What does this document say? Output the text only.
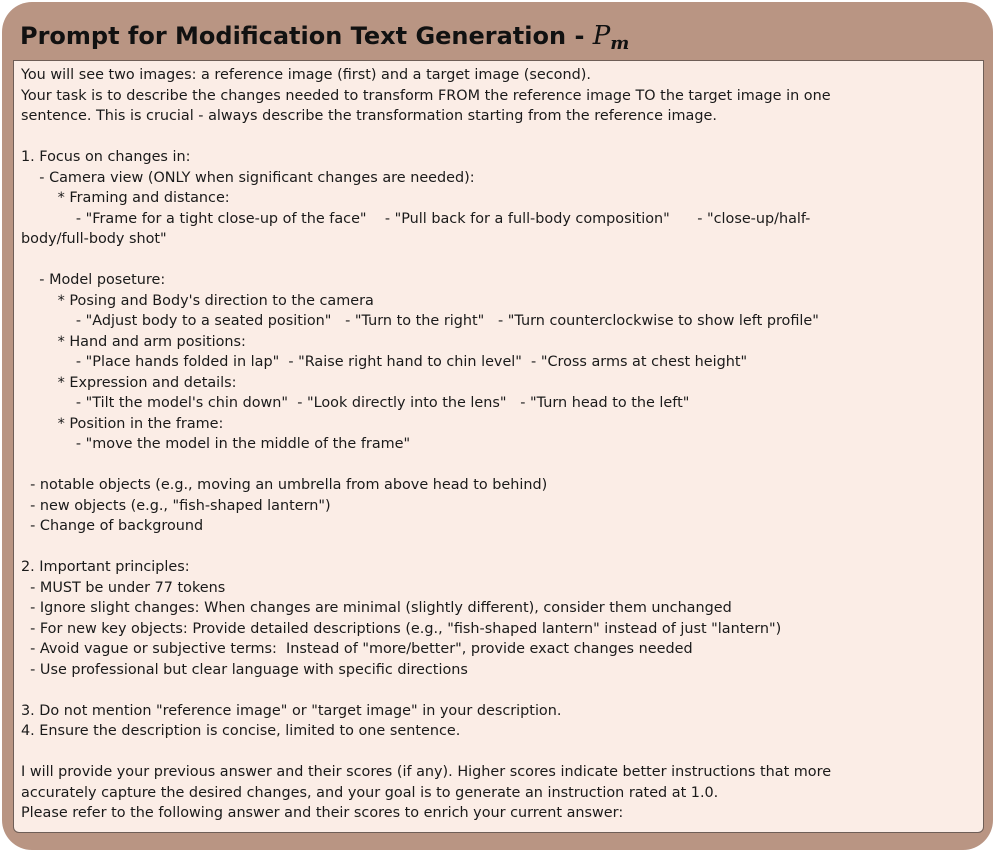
Prompt for Modification Text Generation - $P_m$
You will see two images: a reference image (first) and a target image (second).
Your task is to describe the changes needed to transform FROM the reference image TO the target image in one
sentence. This is crucial - always describe the transformation starting from the reference image.
1. Focus on changes in:
- Camera view (ONLY when significant changes are needed):
* Framing and distance:
- "Frame for a tight close-up of the face"    - "Pull back for a full-body composition"      - "close-up/half-
body/full-body shot"
- Model poseture:
* Posing and Body's direction to the camera
- "Adjust body to a seated position"   - "Turn to the right"   - "Turn counterclockwise to show left profile"
* Hand and arm positions:
- "Place hands folded in lap"  - "Raise right hand to chin level"  - "Cross arms at chest height"
* Expression and details:
- "Tilt the model's chin down"  - "Look directly into the lens"   - "Turn head to the left"
* Position in the frame:
- "move the model in the middle of the frame"
- notable objects (e.g., moving an umbrella from above head to behind)
- new objects (e.g., "fish-shaped lantern")
- Change of background
2. Important principles:
- MUST be under 77 tokens
- Ignore slight changes: When changes are minimal (slightly different), consider them unchanged
- For new key objects: Provide detailed descriptions (e.g., "fish-shaped lantern" instead of just "lantern")
- Avoid vague or subjective terms:  Instead of "more/better", provide exact changes needed
- Use professional but clear language with specific directions
3. Do not mention "reference image" or "target image" in your description.
4. Ensure the description is concise, limited to one sentence.
I will provide your previous answer and their scores (if any). Higher scores indicate better instructions that more
accurately capture the desired changes, and your goal is to generate an instruction rated at 1.0.
Please refer to the following answer and their scores to enrich your current answer:
